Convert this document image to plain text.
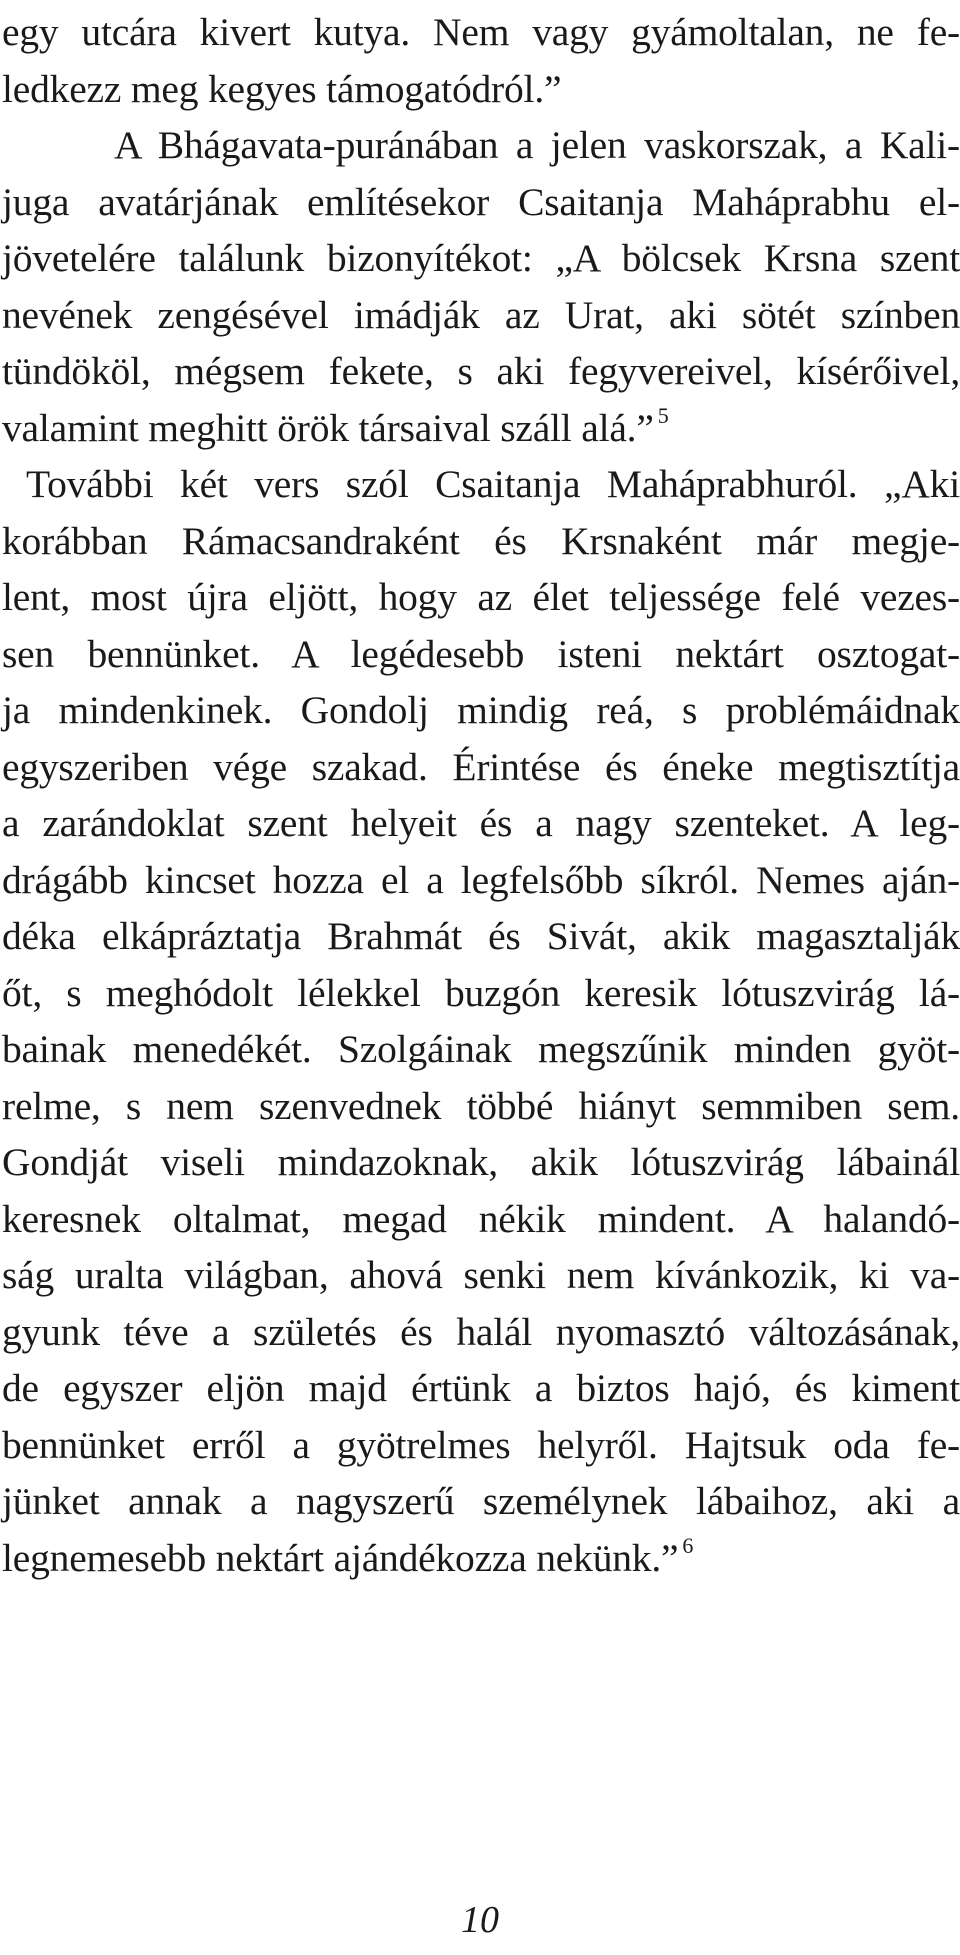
egy utcára kivert kutya. Nem vagy gyámoltalan, ne fe-
ledkezz meg kegyes támogatódról.”
A Bhágavata-puránában a jelen vaskorszak, a Kali-
juga avatárjának említésekor Csaitanja Maháprabhu el-
jövetelére találunk bizonyítékot: „A bölcsek Krsna szent
nevének zengésével imádják az Urat, aki sötét színben
tündököl, mégsem fekete, s aki fegyvereivel, kísérőivel,
valamint meghitt örök társaival száll alá.” $^5$
További két vers szól Csaitanja Maháprabhuról. „Aki
korábban Rámacsandraként és Krsnaként már megje-
lent, most újra eljött, hogy az élet teljessége felé vezes-
sen bennünket. A legédesebb isteni nektárt osztogat-
ja mindenkinek. Gondolj mindig reá, s problémáidnak
egyszeriben vége szakad. Érintése és éneke megtisztítja
a zarándoklat szent helyeit és a nagy szenteket. A leg-
drágább kincset hozza el a legfelsőbb síkról. Nemes aján-
déka elkápráztatja Brahmát és Sivát, akik magasztalják
őt, s meghódolt lélekkel buzgón keresik lótuszvirág lá-
bainak menedékét. Szolgáinak megszűnik minden gyöt-
relme, s nem szenvednek többé hiányt semmiben sem.
Gondját viseli mindazoknak, akik lótuszvirág lábainál
keresnek oltalmat, megad nékik mindent. A halandó-
ság uralta világban, ahová senki nem kívánkozik, ki va-
gyunk téve a születés és halál nyomasztó változásának,
de egyszer eljön majd értünk a biztos hajó, és kiment
bennünket erről a gyötrelmes helyről. Hajtsuk oda fe-
jünket annak a nagyszerű személynek lábaihoz, aki a
legnemesebb nektárt ajándékozza nekünk.” $^6$
10
